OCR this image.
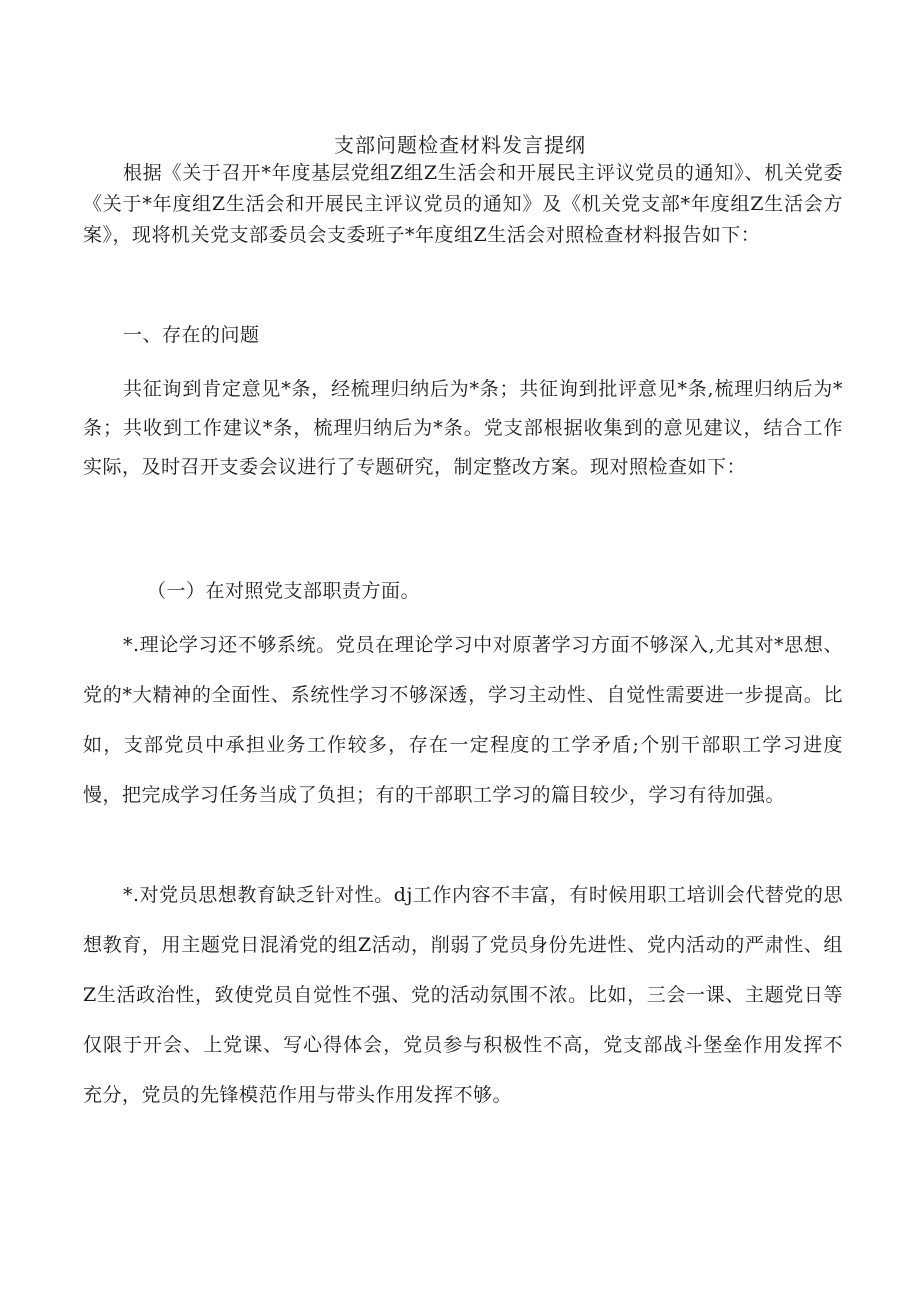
支部问题检查材料发言提纲

根据《关于召开*年度基层党组Z组Z生活会和开展民主评议党员的通知》、机关党委《关于*年度组Z生活会和开展民主评议党员的通知》及《机关党支部*年度组Z生活会方案》，现将机关党支部委员会支委班子*年度组Z生活会对照检查材料报告如下：

一、存在的问题

共征询到肯定意见*条，经梳理归纳后为*条；共征询到批评意见*条,梳理归纳后为*条；共收到工作建议*条，梳理归纳后为*条。党支部根据收集到的意见建议，结合工作实际，及时召开支委会议进行了专题研究，制定整改方案。现对照检查如下：

（一）在对照党支部职责方面。

*.理论学习还不够系统。党员在理论学习中对原著学习方面不够深入,尤其对*思想、党的*大精神的全面性、系统性学习不够深透，学习主动性、自觉性需要进一步提高。比如，支部党员中承担业务工作较多，存在一定程度的工学矛盾;个别干部职工学习进度慢，把完成学习任务当成了负担；有的干部职工学习的篇目较少，学习有待加强。

*.对党员思想教育缺乏针对性。dj工作内容不丰富，有时候用职工培训会代替党的思想教育，用主题党日混淆党的组Z活动，削弱了党员身份先进性、党内活动的严肃性、组Z生活政治性，致使党员自觉性不强、党的活动氛围不浓。比如，三会一课、主题党日等仅限于开会、上党课、写心得体会，党员参与积极性不高，党支部战斗堡垒作用发挥不充分，党员的先锋模范作用与带头作用发挥不够。
